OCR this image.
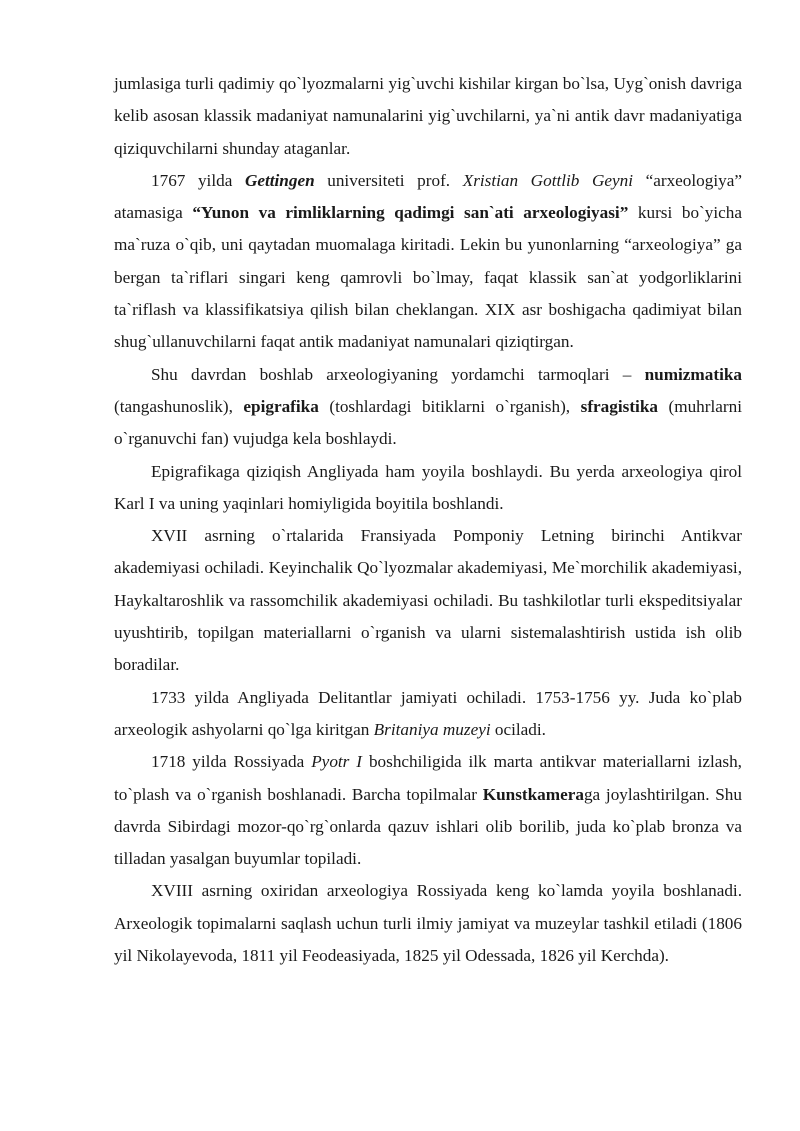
jumlasiga turli qadimiy qo`lyozmalarni yig`uvchi kishilar kirgan bo`lsa, Uyg`onish davriga kelib asosan klassik madaniyat namunalarini yig`uvchilarni, ya`ni antik davr madaniyatiga qiziquvchilarni shunday ataganlar.

1767 yilda Gettingen universiteti prof. Xristian Gottlib Geyni “arxeologiya” atamasiga “Yunon va rimliklarning qadimgi san`ati arxeologiyasi” kursi bo`yicha ma`ruza o`qib, uni qaytadan muomalaga kiritadi. Lekin bu yunonlarning “arxeologiya” ga bergan ta`riflari singari keng qamrovli bo`lmay, faqat klassik san`at yodgorliklarini ta`riflash va klassifikatsiya qilish bilan cheklangan. XIX asr boshigacha qadimiyat bilan shug`ullanuvchilarni faqat antik madaniyat namunalari qiziqtirgan.

Shu davrdan boshlab arxeologiyaning yordamchi tarmoqlari – numizmatika (tangashunoslik), epigrafika (toshlardagi bitiklarni o`rganish), sfragistika (muhrlarni o`rganuvchi fan) vujudga kela boshlaydi.

Epigrafikaga qiziqish Angliyada ham yoyila boshlaydi. Bu yerda arxeologiya qirol Karl I va uning yaqinlari homiyligida boyitila boshlandi.

XVII asrning o`rtalarida Fransiyada Pomponiy Letning birinchi Antikvar akademiyasi ochiladi. Keyinchalik Qo`lyozmalar akademiyasi, Me`morchilik akademiyasi, Haykaltaroshlik va rassomchilik akademiyasi ochiladi. Bu tashkilotlar turli ekspeditsiyalar uyushtirib, topilgan materiallarni o`rganish va ularni sistemalashtirish ustida ish olib boradilar.

1733 yilda Angliyada Delitantlar jamiyati ochiladi. 1753-1756 yy. Juda ko`plab arxeologik ashyolarni qo`lga kiritgan Britaniya muzeyi ociladi.

1718 yilda Rossiyada Pyotr I boshchiligida ilk marta antikvar materiallarni izlash, to`plash va o`rganish boshlanadi. Barcha topilmalar Kunstkameraga joylashtirilgan. Shu davrda Sibirdagi mozor-qo`rg`onlarda qazuv ishlari olib borilib, juda ko`plab bronza va tilladan yasalgan buyumlar topiladi.

XVIII asrning oxiridan arxeologiya Rossiyada keng ko`lamda yoyila boshlanadi. Arxeologik topimalarni saqlash uchun turli ilmiy jamiyat va muzeylar tashkil etiladi (1806 yil Nikolayevoda, 1811 yil Feodeasiyada, 1825 yil Odessada, 1826 yil Kerchda).
